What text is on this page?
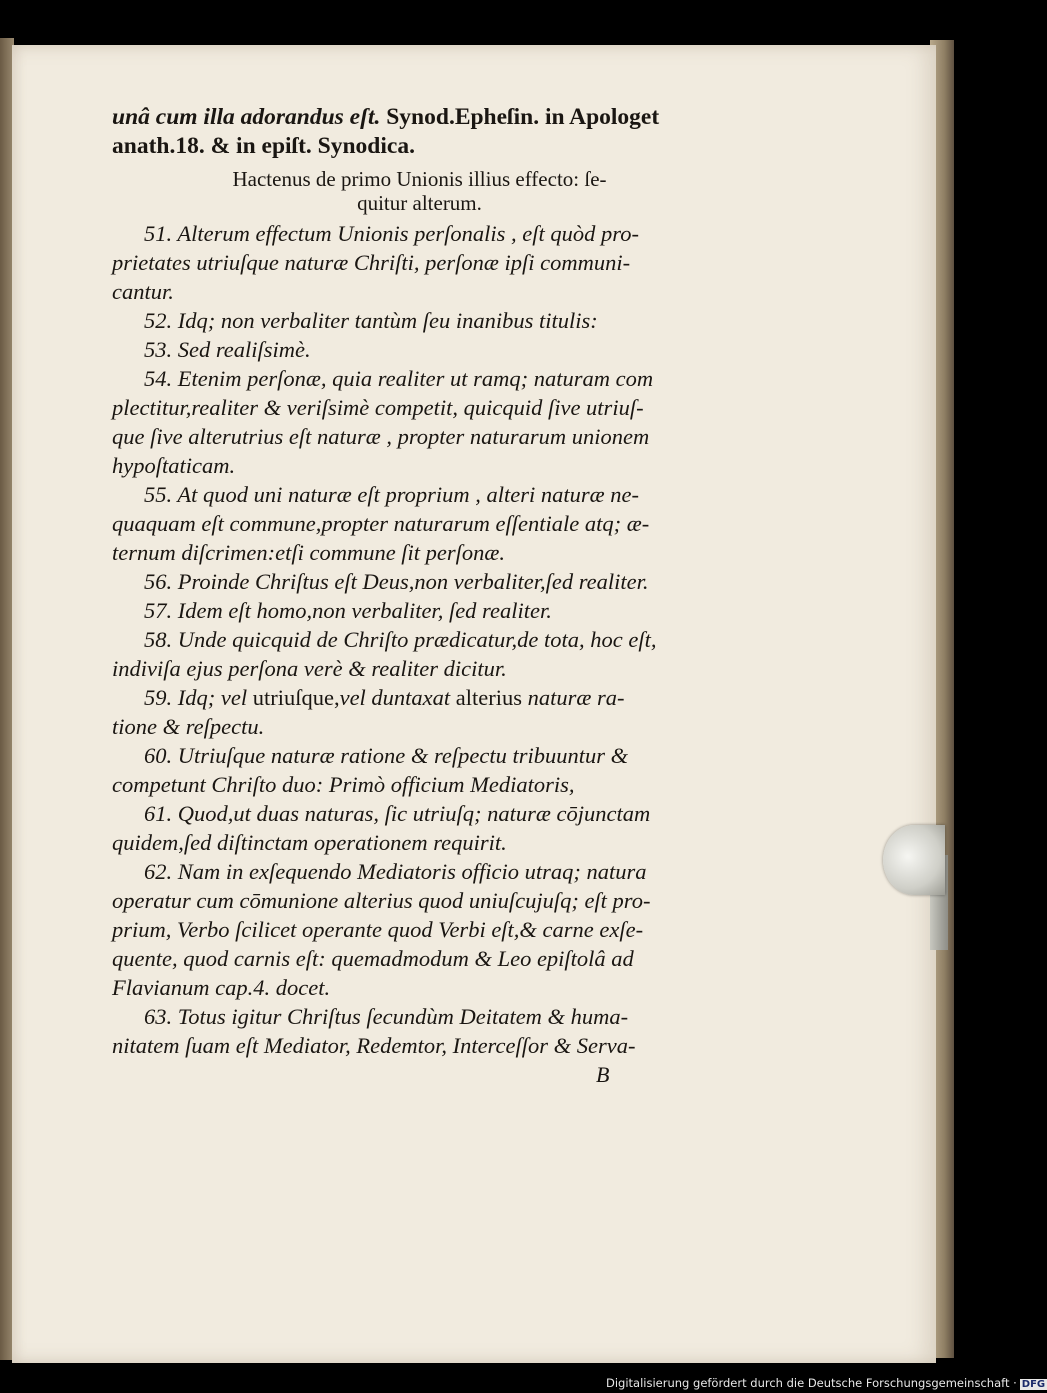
unâ cum illa adorandus eſt. Synod.Epheſin. in Apologet
anath.18. & in epiſt. Synodica.
Hactenus de primo Unionis illius effecto: ſe-
quitur alterum.
51. Alterum effectum Unionis perſonalis , eſt quòd pro-
prietates utriuſque naturæ Chriſti, perſonæ ipſi communi-
cantur.
52. Idq; non verbaliter tantùm ſeu inanibus titulis:
53. Sed realiſsimè.
54. Etenim perſonæ, quia realiter ut ramq; naturam com
plectitur,realiter & veriſsimè competit, quicquid ſive utriuſ-
que ſive alterutrius eſt naturæ , propter naturarum unionem
hypoſtaticam.
55. At quod uni naturæ eſt proprium , alteri naturæ ne-
quaquam eſt commune,propter naturarum eſſentiale atq; æ-
ternum diſcrimen:etſi commune ſit perſonæ.
56. Proinde Chriſtus eſt Deus,non verbaliter,ſed realiter.
57. Idem eſt homo,non verbaliter, ſed realiter.
58. Unde quicquid de Chriſto prædicatur,de tota, hoc eſt,
indiviſa ejus perſona verè & realiter dicitur.
59. Idq; vel utriuſque,vel duntaxat alterius naturæ ra-
tione & reſpectu.
60. Utriuſque naturæ ratione & reſpectu tribuuntur &
competunt Chriſto duo: Primò officium Mediatoris,
61. Quod,ut duas naturas, ſic utriuſq; naturæ cōjunctam
quidem,ſed diſtinctam operationem requirit.
62. Nam in exſequendo Mediatoris officio utraq; natura
operatur cum cōmunione alterius quod uniuſcujuſq; eſt pro-
prium, Verbo ſcilicet operante quod Verbi eſt,& carne exſe-
quente, quod carnis eſt: quemadmodum & Leo epiſtolâ ad
Flavianum cap.4. docet.
63. Totus igitur Chriſtus ſecundùm Deitatem & huma-
nitatem ſuam eſt Mediator, Redemtor, Interceſſor & Serva-
B
Digitalisierung gefördert durch die Deutsche Forschungsgemeinschaft · DFG
